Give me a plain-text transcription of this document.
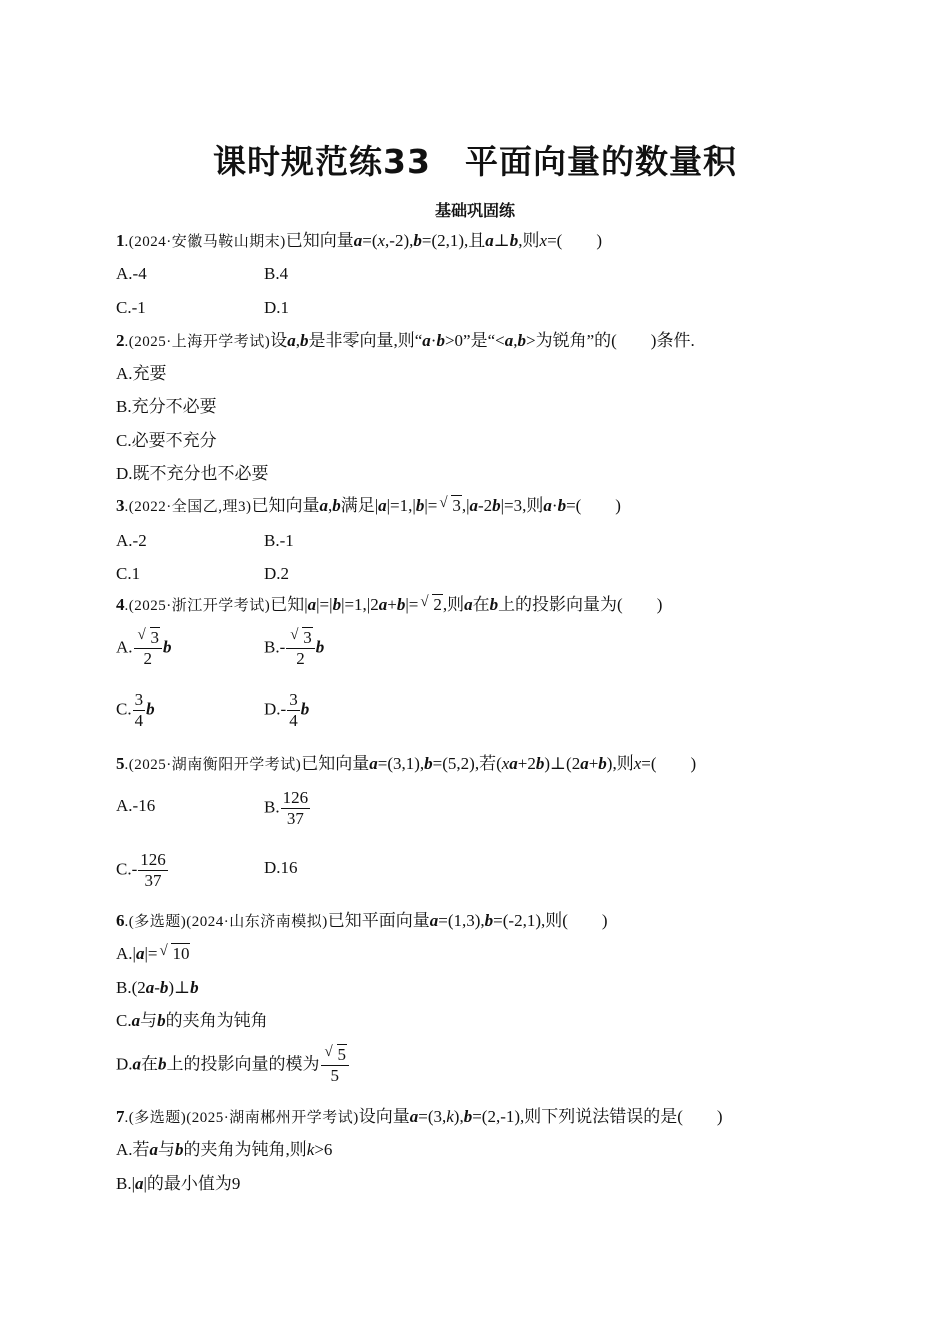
课时规范练33　平面向量的数量积
基础巩固练
1.(2024·安徽马鞍山期末)已知向量a=(x,-2),b=(2,1),且a⊥b,则x=(　　)
A.-4	B.4
C.-1	D.1
2.(2025·上海开学考试)设a,b是非零向量,则“a·b>0”是“<a,b>为锐角”的(　　)条件.
A.充要
B.充分不必要
C.必要不充分
D.既不充分也不必要
3.(2022·全国乙,理3)已知向量a,b满足|a|=1,|b|= √ 3,|a-2b|=3,则a·b=(　　)
A.-2	B.-1
C.1	D.2
4.(2025·浙江开学考试)已知|a|=|b|=1,|2a+b|= √ 2,则a在b上的投影向量为(　　)
A. $\frac{√ 3}{2}$ b	$B.- \frac{√ 3}{2}$ b
C. $\frac{3}{4}$ b	$D.- \frac{3}{4}$ b
5.(2025·湖南衡阳开学考试)已知向量a=(3,1),b=(5,2),若(xa+2b)⊥(2a+b),则x=(　　)
A.-16	B. $\frac{126}{37}$
$C.- \frac{126}{37}$	D.16
6.(多选题)(2024·山东济南模拟)已知平面向量a=(1,3),b=(-2,1),则(　　)
A.|a|= √ 10
B.(2a-b)⊥b
C.a与b的夹角为钝角
D.a在b上的投影向量的模为 $\frac{√ 5}{5}$
7.(多选题)(2025·湖南郴州开学考试)设向量a=(3,k),b=(2,-1),则下列说法错误的是(　　)
A.若a与b的夹角为钝角,则k>6
B.|a|的最小值为9
